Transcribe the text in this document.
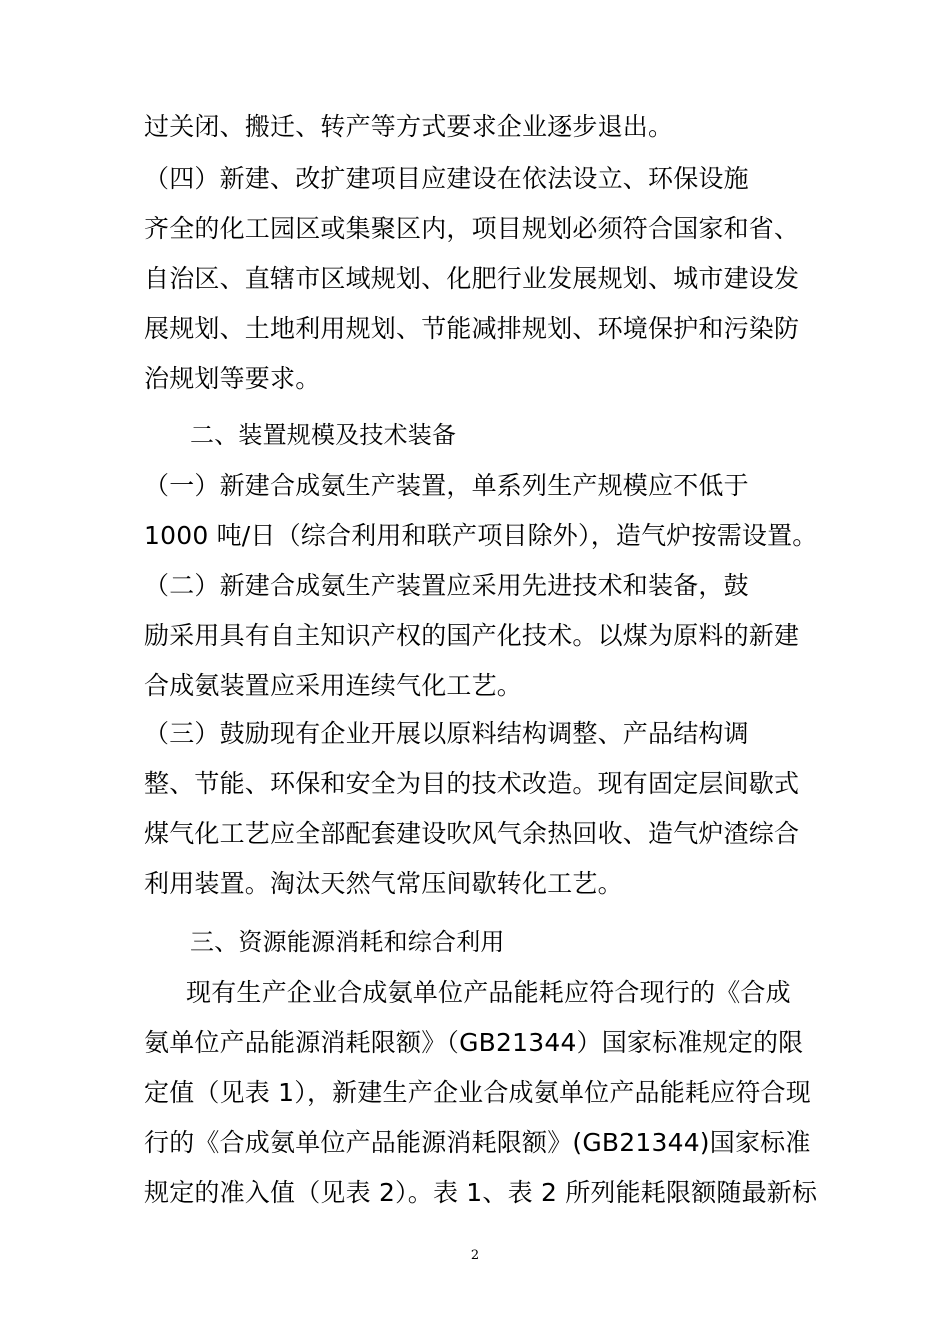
过关闭、搬迁、转产等方式要求企业逐步退出。
（四）新建、改扩建项目应建设在依法设立、环保设施
齐全的化工园区或集聚区内，项目规划必须符合国家和省、
自治区、直辖市区域规划、化肥行业发展规划、城市建设发
展规划、土地利用规划、节能减排规划、环境保护和污染防
治规划等要求。
二、装置规模及技术装备
（一）新建合成氨生产装置，单系列生产规模应不低于
1000 吨/日（综合利用和联产项目除外），造气炉按需设置。
（二）新建合成氨生产装置应采用先进技术和装备，鼓
励采用具有自主知识产权的国产化技术。以煤为原料的新建
合成氨装置应采用连续气化工艺。
（三）鼓励现有企业开展以原料结构调整、产品结构调
整、节能、环保和安全为目的技术改造。现有固定层间歇式
煤气化工艺应全部配套建设吹风气余热回收、造气炉渣综合
利用装置。淘汰天然气常压间歇转化工艺。
三、资源能源消耗和综合利用
现有生产企业合成氨单位产品能耗应符合现行的《合成
氨单位产品能源消耗限额》（GB21344）国家标准规定的限
定值（见表 1），新建生产企业合成氨单位产品能耗应符合现
行的《合成氨单位产品能源消耗限额》(GB21344)国家标准
规定的准入值（见表 2）。表 1、表 2 所列能耗限额随最新标
2
